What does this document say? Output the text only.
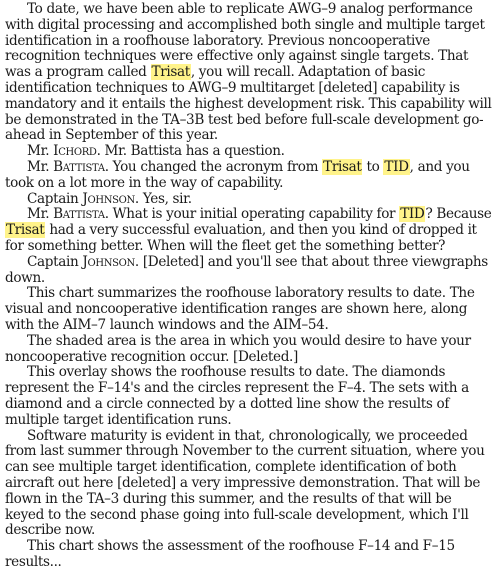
To date, we have been able to replicate AWG–9 analog performance with digital processing and accomplished both single and multiple target identification in a roofhouse laboratory. Previous noncooperative recognition techniques were effective only against single targets. That was a program called Trisat, you will recall. Adaptation of basic identification techniques to AWG–9 multitarget [deleted] capability is mandatory and it entails the highest development risk. This capability will be demonstrated in the TA–3B test bed before full-scale development go-ahead in September of this year.

Mr. Ichord. Mr. Battista has a question.

Mr. Battista. You changed the acronym from Trisat to TID, and you took on a lot more in the way of capability.

Captain Johnson. Yes, sir.

Mr. Battista. What is your initial operating capability for TID? Because Trisat had a very successful evaluation, and then you kind of dropped it for something better. When will the fleet get the something better?

Captain Johnson. [Deleted] and you'll see that about three viewgraphs down.

This chart summarizes the roofhouse laboratory results to date. The visual and noncooperative identification ranges are shown here, along with the AIM–7 launch windows and the AIM–54.

The shaded area is the area in which you would desire to have your noncooperative recognition occur. [Deleted.]

This overlay shows the roofhouse results to date. The diamonds represent the F–14's and the circles represent the F–4. The sets with a diamond and a circle connected by a dotted line show the results of multiple target identification runs.

Software maturity is evident in that, chronologically, we proceeded from last summer through November to the current situation, where you can see multiple target identification, complete identification of both aircraft out here [deleted] a very impressive demonstration. That will be flown in the TA–3 during this summer, and the results of that will be keyed to the second phase going into full-scale development, which I'll describe now.

This chart shows the assessment of the roofhouse F–14 and F–15 results...
